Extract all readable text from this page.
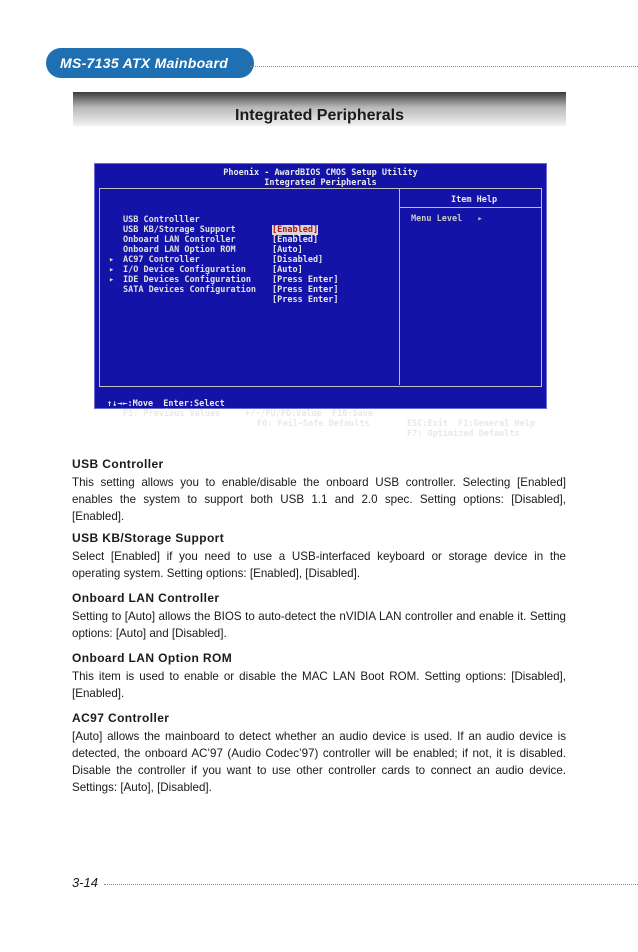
MS-7135 ATX Mainboard
Integrated Peripherals
Phoenix - AwardBIOS CMOS Setup Utility
Integrated Peripherals
Item Help
Menu Level   ▸

USB Controlller

[Enabled]

USB KB/Storage Support

[Enabled]

Onboard LAN Controller

[Auto]

Onboard LAN Option ROM

[Disabled]

AC97 Controller

[Auto]

▸

I/O Device Configuration

[Press Enter]

▸

IDE Devices Configuration

[Press Enter]

▸

SATA Devices Configuration

[Press Enter]

↑↓→←:Move  Enter:Select

+/-/PU/PD:Value  F10:Save

ESC:Exit  F1:General Help

F5: Previous Values

F6: Fail-Safe Defaults

F7: Optimized Defaults

USB Controller

This setting allows you to enable/disable the onboard USB controller. Selecting [Enabled] enables the system to support both USB 1.1 and 2.0 spec. Setting options: [Disabled], [Enabled].

USB KB/Storage Support

Select [Enabled] if you need to use a USB-interfaced keyboard or storage device in the operating system. Setting options: [Enabled], [Disabled].

Onboard LAN Controller

Setting to [Auto] allows the BIOS to auto-detect the nVIDIA LAN controller and enable it. Setting options: [Auto] and [Disabled].

Onboard LAN Option ROM

This item is used to enable or disable the MAC LAN Boot ROM. Setting options: [Disabled], [Enabled].

AC97 Controller

[Auto] allows the mainboard to detect whether an audio device is used. If an audio device is detected, the onboard AC’97 (Audio Codec’97) controller will be enabled; if not, it is disabled. Disable the controller if you want to use other controller cards to connect an audio device. Settings: [Auto], [Disabled].

3-14
